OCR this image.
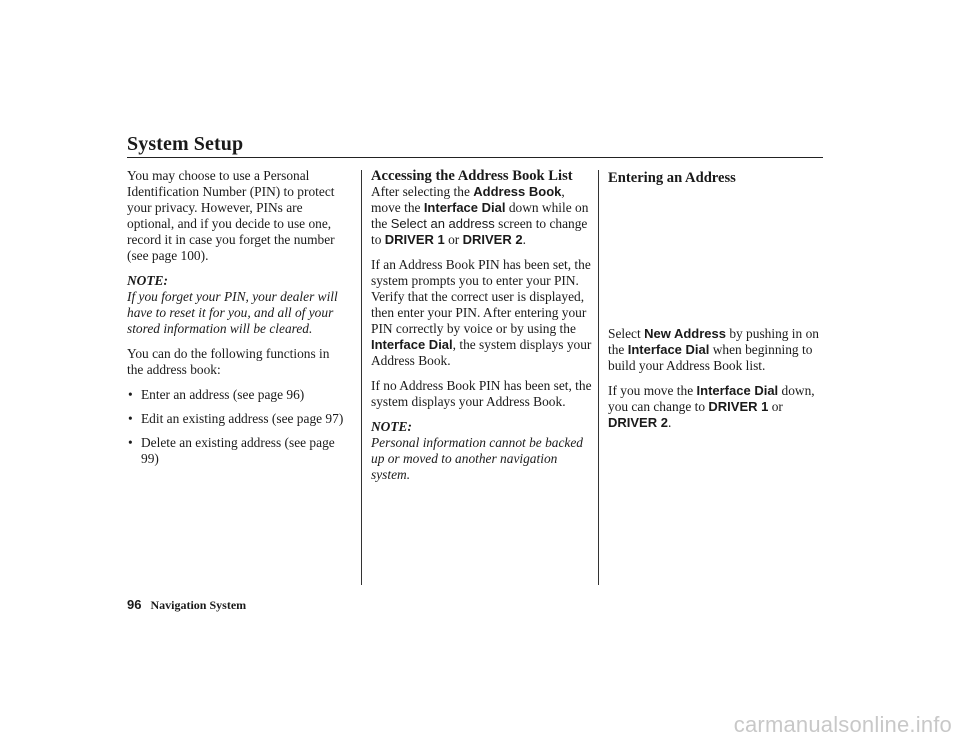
System Setup

You may choose to use a Personal Identification Number (PIN) to protect your privacy. However, PINs are optional, and if you decide to use one, record it in case you forget the number (see page 100).

NOTE:

If you forget your PIN, your dealer will have to reset it for you, and all of your stored information will be cleared.

You can do the following functions in the address book:

• Enter an address (see page 96)
• Edit an existing address (see page 97)
• Delete an existing address (see page 99)

Accessing the Address Book List

After selecting the Address Book, move the Interface Dial down while on the Select an address screen to change to DRIVER 1 or DRIVER 2.

If an Address Book PIN has been set, the system prompts you to enter your PIN. Verify that the correct user is displayed, then enter your PIN. After entering your PIN correctly by voice or by using the Interface Dial, the system displays your Address Book.

If no Address Book PIN has been set, the system displays your Address Book.

NOTE:

Personal information cannot be backed up or moved to another navigation system.

Entering an Address

Select New Address by pushing in on the Interface Dial when beginning to build your Address Book list.

If you move the Interface Dial down, you can change to DRIVER 1 or DRIVER 2.

96 Navigation System
carmanualsonline.info
